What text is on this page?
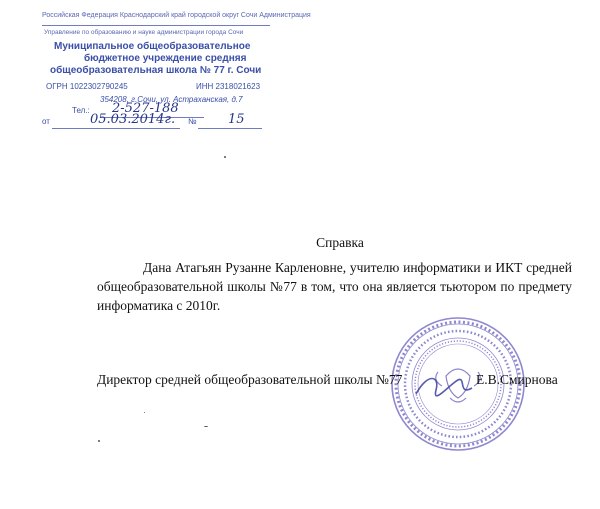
Российская Федерация Краснодарский край городской округ Сочи Администрация
Управление по образованию и науке администрации города Сочи
Муниципальное общеобразовательное
бюджетное учреждение средняя
общеобразовательная школа № 77 г. Сочи
ОГРН 1022302790245	ИНН 2318021623
354208, г.Сочи, ул. Астраханская, д.7
Тел.: 2-527-188
от	05.03.2014г. № 15
Справка
Дана Атагьян Рузанне Карленовне, учителю информатики и ИКТ средней общеобразовательной школы №77 в том, что она является тьютором по предмету информатика с 2010г.
Директор средней общеобразовательной школы №77	Е.В.Смирнова
